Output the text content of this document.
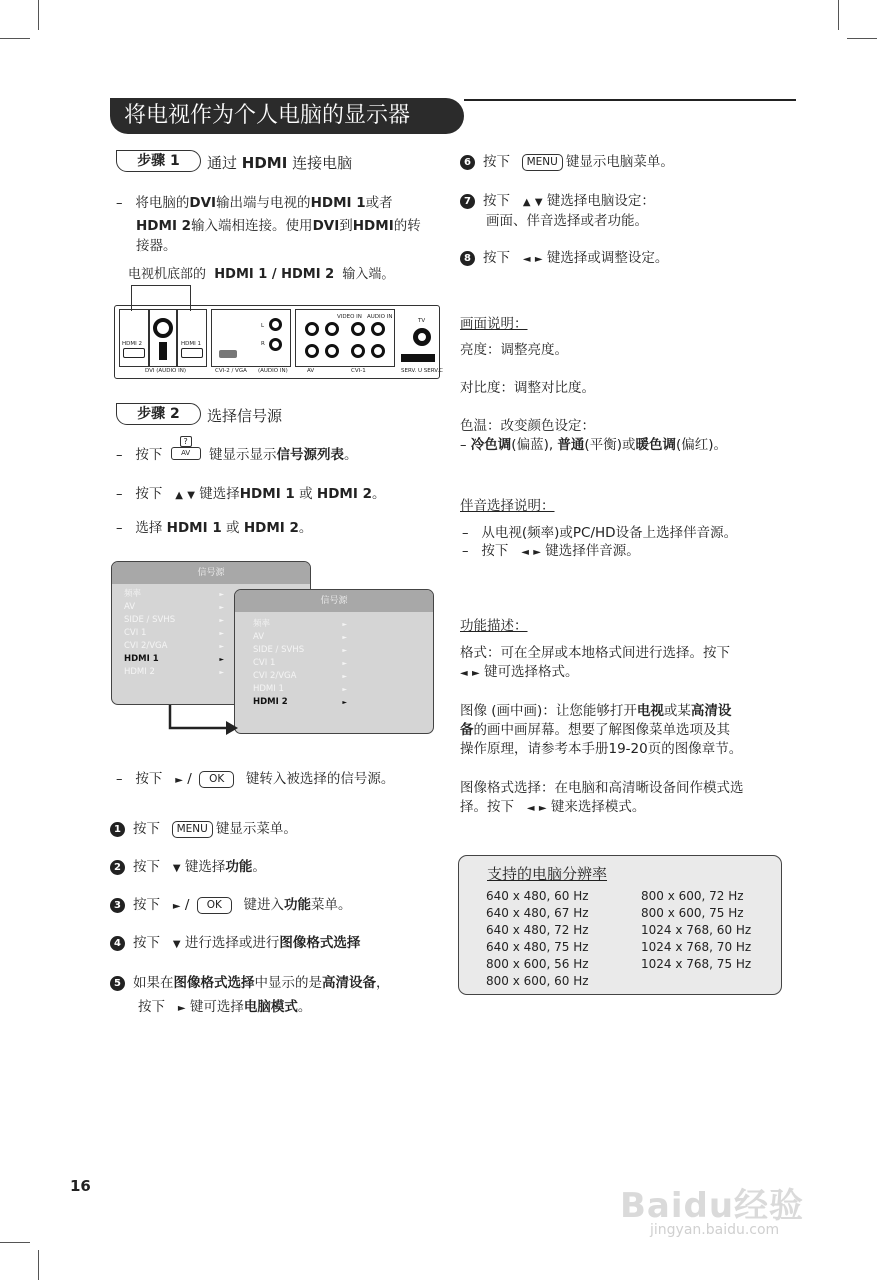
将电视作为个人电脑的显示器
步骤 1	通过 HDMI 连接电脑
– 将电脑的DVI输出端与电视的HDMI 1或者
HDMI 2输入端相连接。使用DVI到HDMI的转
接器。
电视机底部的 HDMI 1 / HDMI 2 输入端。
HDMI 2	HDMI 1
DVI (AUDIO IN)
L
R
CVI-2 / VGA (AUDIO IN)
VIDEO IN AUDIO IN
AV	CVI-1
TV
SERV. U SERV.C
步骤 2	选择信号源
– 按下
?
AV	键显示显示信号源列表。
– 按下 ▲ ▼ 键选择HDMI 1 或 HDMI 2。
– 选择 HDMI 1 或 HDMI 2。
信号源
频率	►
AV	►
SIDE / SVHS	►
CVI 1	►
CVI 2/VGA	►
HDMI 1	►
HDMI 2	►
信号源
频率	►
AV	►
SIDE / SVHS	►
CVI 1	►
CVI 2/VGA	►
HDMI 1	►
HDMI 2	►
– 按下 ► / OK 键转入被选择的信号源。
1 按下 MENU 键显示菜单。
2 按下 ▼ 键选择功能。
3 按下 ► / OK 键进入功能菜单。
4 按下 ▼ 进行选择或进行图像格式选择
5 如果在图像格式选择中显示的是高清设备，
按下 ► 键可选择电脑模式。
6 按下 MENU 键显示电脑菜单。
7 按下 ▲ ▼ 键选择电脑设定：
画面、伴音选择或者功能。
8 按下 ◄ ► 键选择或调整设定。
画面说明：
亮度：调整亮度。
对比度：调整对比度。
色温：改变颜色设定：
– 冷色调(偏蓝), 普通(平衡)或暖色调(偏红)。
伴音选择说明：
– 从电视(频率)或PC/HD设备上选择伴音源。
– 按下 ◄ ► 键选择伴音源。
功能描述：
格式：可在全屏或本地格式间进行选择。按下
◄ ► 键可选择格式。
图像 (画中画)：让您能够打开电视或某高清设
备的画中画屏幕。想要了解图像菜单选项及其
操作原理，请参考本手册19-20页的图像章节。
图像格式选择：在电脑和高清晰设备间作模式选
择。按下 ◄ ► 键来选择模式。
支持的电脑分辨率
640 x 480, 60 Hz
640 x 480, 67 Hz
640 x 480, 72 Hz
640 x 480, 75 Hz
800 x 600, 56 Hz
800 x 600, 60 Hz
800 x 600, 72 Hz
800 x 600, 75 Hz
1024 x 768, 60 Hz
1024 x 768, 70 Hz
1024 x 768, 75 Hz
16	Baidu经验
jingyan.baidu.com
